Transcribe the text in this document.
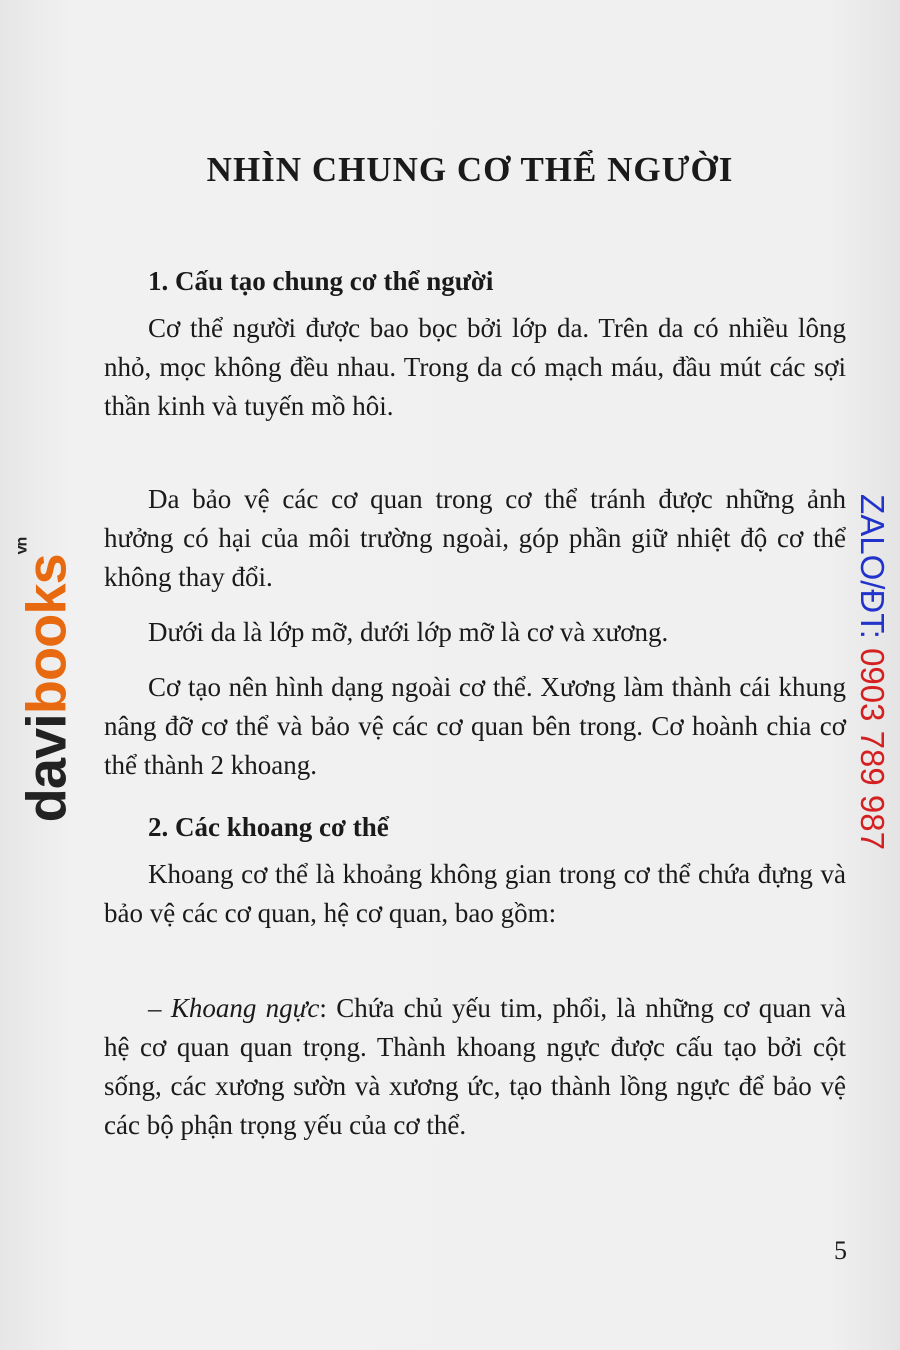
NHÌN CHUNG CƠ THỂ NGƯỜI
1. Cấu tạo chung cơ thể người
Cơ thể người được bao bọc bởi lớp da. Trên da có nhiều lông nhỏ, mọc không đều nhau. Trong da có mạch máu, đầu mút các sợi thần kinh và tuyến mồ hôi.
Da bảo vệ các cơ quan trong cơ thể tránh được những ảnh hưởng có hại của môi trường ngoài, góp phần giữ nhiệt độ cơ thể không thay đổi.
Dưới da là lớp mỡ, dưới lớp mỡ là cơ và xương.
Cơ tạo nên hình dạng ngoài cơ thể. Xương làm thành cái khung nâng đỡ cơ thể và bảo vệ các cơ quan bên trong. Cơ hoành chia cơ thể thành 2 khoang.
2. Các khoang cơ thể
Khoang cơ thể là khoảng không gian trong cơ thể chứa đựng và bảo vệ các cơ quan, hệ cơ quan, bao gồm:
– Khoang ngực: Chứa chủ yếu tim, phổi, là những cơ quan và hệ cơ quan quan trọng. Thành khoang ngực được cấu tạo bởi cột sống, các xương sườn và xương ức, tạo thành lồng ngực để bảo vệ các bộ phận trọng yếu của cơ thể.
5
davibooks$^{vn}$	ZALO/ĐT: 0903 789 987
